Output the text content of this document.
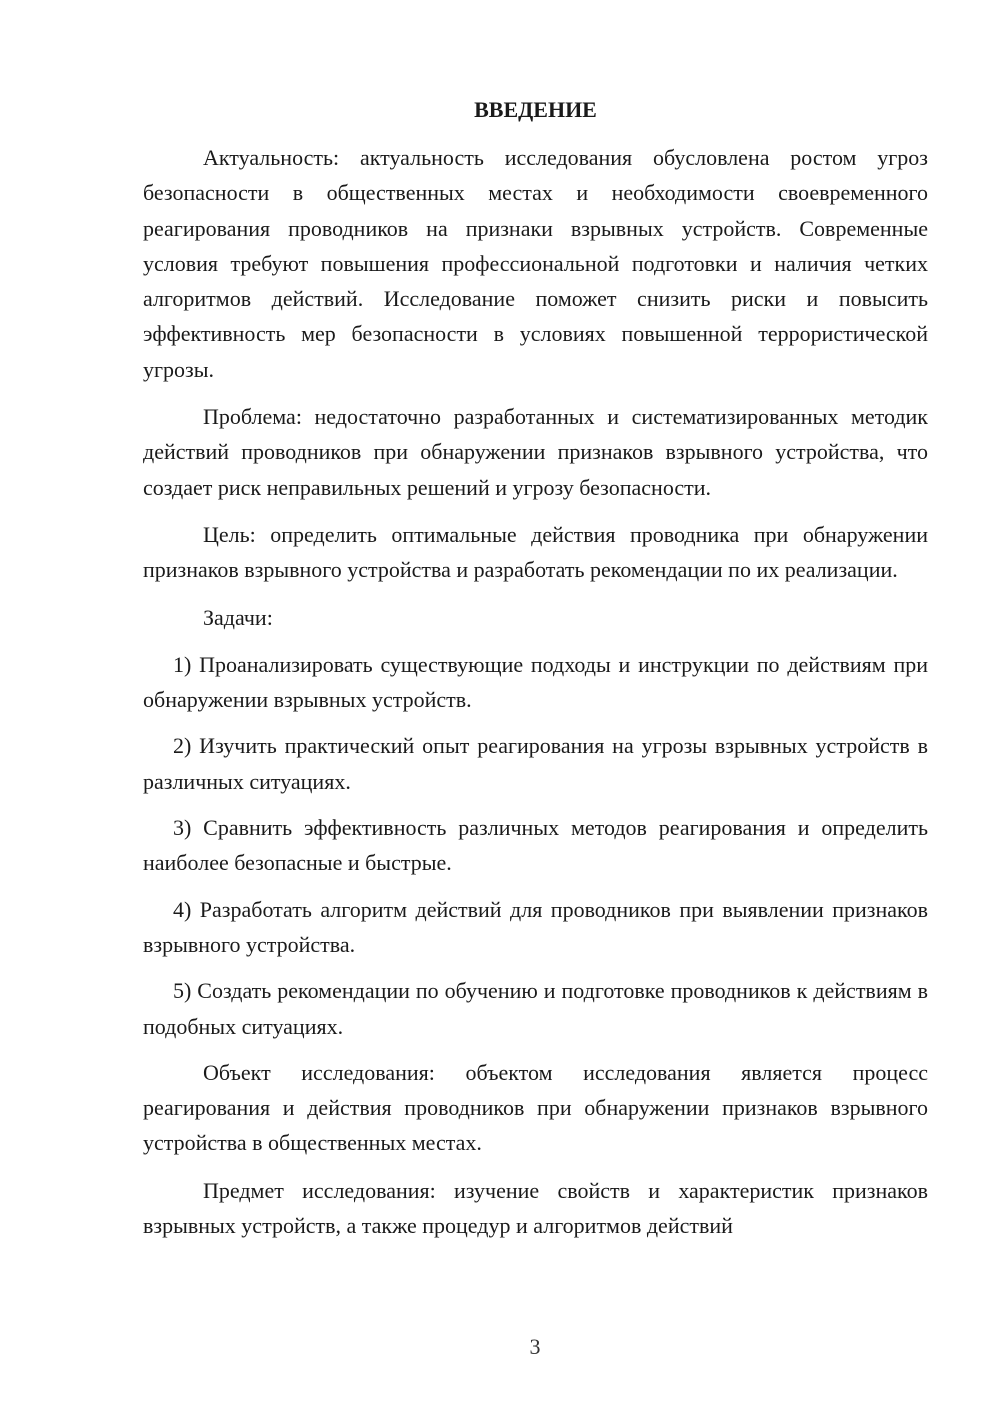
ВВЕДЕНИЕ

Актуальность: актуальность исследования обусловлена ростом угроз безопасности в общественных местах и необходимости своевременного реагирования проводников на признаки взрывных устройств. Современные условия требуют повышения профессиональной подготовки и наличия четких алгоритмов действий. Исследование поможет снизить риски и повысить эффективность мер безопасности в условиях повышенной террористической угрозы.

Проблема: недостаточно разработанных и систематизированных методик действий проводников при обнаружении признаков взрывного устройства, что создает риск неправильных решений и угрозу безопасности.

Цель: определить оптимальные действия проводника при обнаружении признаков взрывного устройства и разработать рекомендации по их реализации.

Задачи:

1) Проанализировать существующие подходы и инструкции по действиям при обнаружении взрывных устройств.

2) Изучить практический опыт реагирования на угрозы взрывных устройств в различных ситуациях.

3) Сравнить эффективность различных методов реагирования и определить наиболее безопасные и быстрые.

4) Разработать алгоритм действий для проводников при выявлении признаков взрывного устройства.

5) Создать рекомендации по обучению и подготовке проводников к действиям в подобных ситуациях.

Объект исследования: объектом исследования является процесс реагирования и действия проводников при обнаружении признаков взрывного устройства в общественных местах.

Предмет исследования: изучение свойств и характеристик признаков взрывных устройств, а также процедур и алгоритмов действий

3
